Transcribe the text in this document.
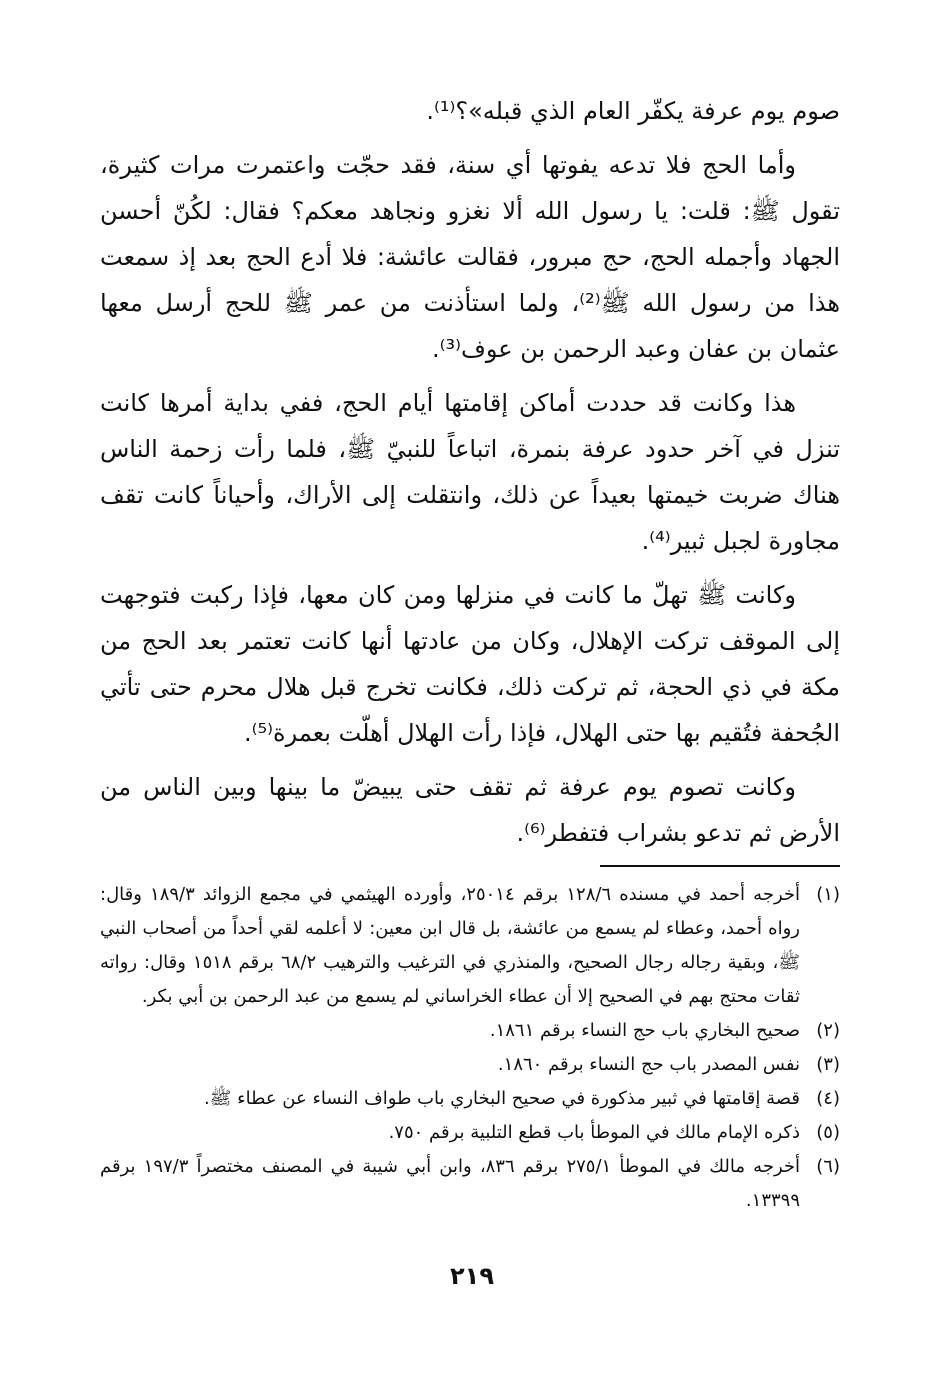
صوم يوم عرفة يكفّر العام الذي قبله»؟⁽¹⁾.

وأما الحج فلا تدعه يفوتها أي سنة، فقد حجّت واعتمرت مرات كثيرة، تقول ﷺ: قلت: يا رسول الله ألا نغزو ونجاهد معكم؟ فقال: لكُنّ أحسن الجهاد وأجمله الحج، حج مبرور، فقالت عائشة: فلا أدع الحج بعد إذ سمعت هذا من رسول الله ﷺ⁽²⁾، ولما استأذنت من عمر ﷺ للحج أرسل معها عثمان بن عفان وعبد الرحمن بن عوف⁽³⁾.

هذا وكانت قد حددت أماكن إقامتها أيام الحج، ففي بداية أمرها كانت تنزل في آخر حدود عرفة بنمرة، اتباعاً للنبيّ ﷺ، فلما رأت زحمة الناس هناك ضربت خيمتها بعيداً عن ذلك، وانتقلت إلى الأراك، وأحياناً كانت تقف مجاورة لجبل ثبير⁽⁴⁾.

وكانت ﷺ تهلّ ما كانت في منزلها ومن كان معها، فإذا ركبت فتوجهت إلى الموقف تركت الإهلال، وكان من عادتها أنها كانت تعتمر بعد الحج من مكة في ذي الحجة، ثم تركت ذلك، فكانت تخرج قبل هلال محرم حتى تأتي الجُحفة فتُقيم بها حتى الهلال، فإذا رأت الهلال أهلّت بعمرة⁽⁵⁾.

وكانت تصوم يوم عرفة ثم تقف حتى يبيضّ ما بينها وبين الناس من الأرض ثم تدعو بشراب فتفطر⁽⁶⁾.

(١)
أخرجه أحمد في مسنده ١٢٨/٦ برقم ٢٥٠١٤، وأورده الهيثمي في مجمع الزوائد ١٨٩/٣ وقال: رواه أحمد، وعطاء لم يسمع من عائشة، بل قال ابن معين: لا أعلمه لقي أحداً من أصحاب النبي ﷺ، وبقية رجاله رجال الصحيح، والمنذري في الترغيب والترهيب ٦٨/٢ برقم ١٥١٨ وقال: رواته ثقات محتج بهم في الصحيح إلا أن عطاء الخراساني لم يسمع من عبد الرحمن بن أبي بكر.
(٢)
صحيح البخاري باب حج النساء برقم ١٨٦١.
(٣)
نفس المصدر باب حج النساء برقم ١٨٦٠.
(٤)
قصة إقامتها في ثبير مذكورة في صحيح البخاري باب طواف النساء عن عطاء ﷺ.
(٥)
ذكره الإمام مالك في الموطأ باب قطع التلبية برقم ٧٥٠.
(٦)
أخرجه مالك في الموطأ ٢٧٥/١ برقم ٨٣٦، وابن أبي شيبة في المصنف مختصراً ١٩٧/٣ برقم ١٣٣٩٩.
٢١٩
